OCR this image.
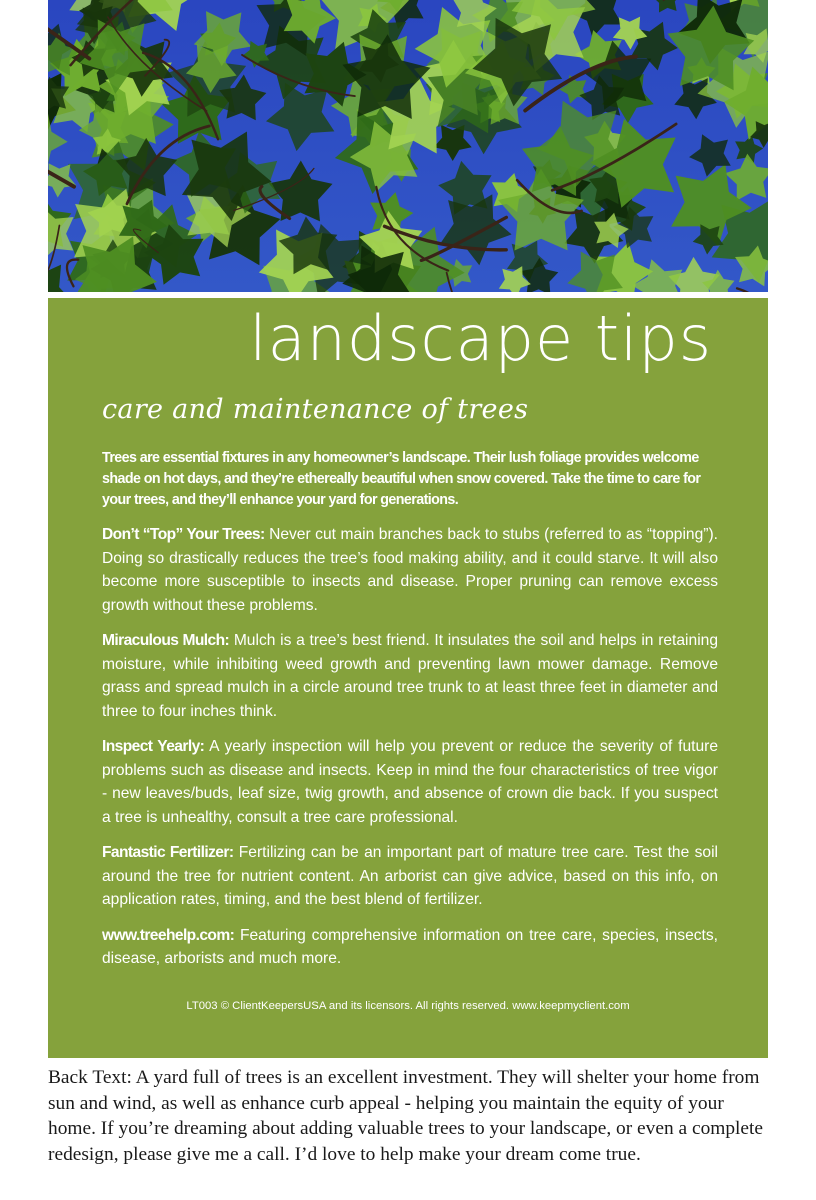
landscape tips
care and maintenance of trees

Trees are essential fixtures in any homeowner’s landscape. Their lush foliage provides welcome shade on hot days, and they’re ethereally beautiful when snow covered. Take the time to care for your trees, and they’ll enhance your yard for generations.

Don’t “Top” Your Trees: Never cut main branches back to stubs (referred to as “topping”). Doing so drastically reduces the tree’s food making ability, and it could starve. It will also become more susceptible to insects and disease. Proper pruning can remove excess growth without these problems.

Miraculous Mulch: Mulch is a tree’s best friend. It insulates the soil and helps in retaining moisture, while inhibiting weed growth and preventing lawn mower damage. Remove grass and spread mulch in a circle around tree trunk to at least three feet in diameter and three to four inches think.

Inspect Yearly: A yearly inspection will help you prevent or reduce the severity of future problems such as disease and insects. Keep in mind the four characteristics of tree vigor - new leaves/buds, leaf size, twig growth, and absence of crown die back. If you suspect a tree is unhealthy, consult a tree care professional.

Fantastic Fertilizer: Fertilizing can be an important part of mature tree care. Test the soil around the tree for nutrient content. An arborist can give advice, based on this info, on application rates, timing, and the best blend of fertilizer.

www.treehelp.com: Featuring comprehensive information on tree care, species, insects, disease, arborists and much more.

LT003 © ClientKeepersUSA and its licensors. All rights reserved. www.keepmyclient.com

Back Text: A yard full of trees is an excellent investment. They will shelter your home from sun and wind, as well as enhance curb appeal - helping you maintain the equity of your home. If you’re dreaming about adding valuable trees to your landscape, or even a complete redesign, please give me a call. I’d love to help make your dream come true.
